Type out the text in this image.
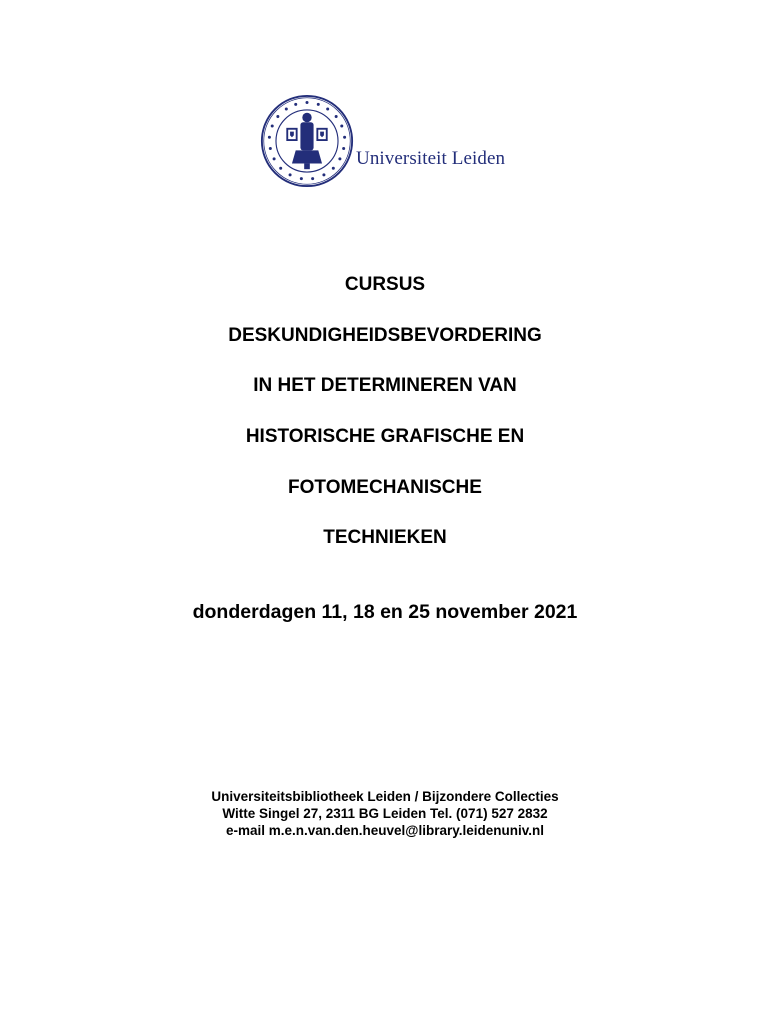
Universiteit Leiden
CURSUS
DESKUNDIGHEIDSBEVORDERING
IN HET DETERMINEREN VAN
HISTORISCHE GRAFISCHE EN
FOTOMECHANISCHE
TECHNIEKEN
donderdagen 11, 18 en 25 november 2021
Universiteitsbibliotheek Leiden / Bijzondere Collecties
Witte Singel 27, 2311 BG Leiden Tel. (071) 527 2832
e-mail m.e.n.van.den.heuvel@library.leidenuniv.nl
